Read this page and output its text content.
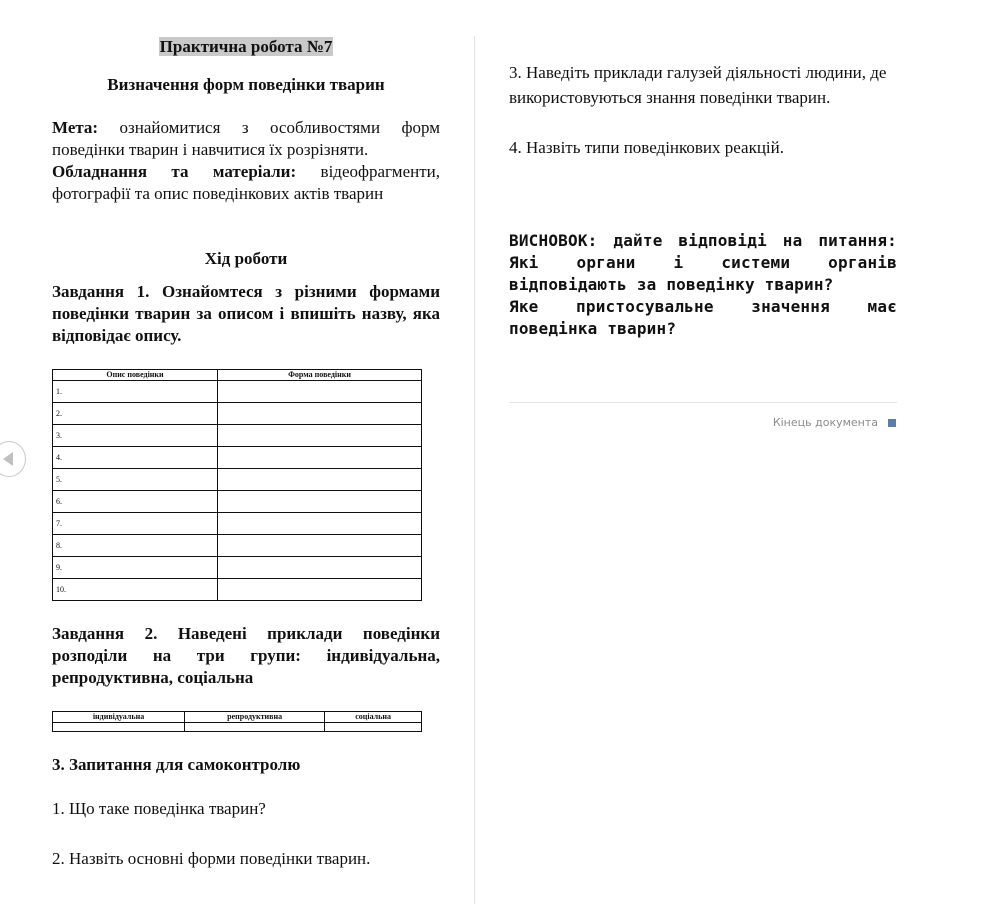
Практична робота №7

Визначення форм поведінки тварин

Мета: ознайомитися з особливостями форм поведінки тварин і навчитися їх розрізняти.

Обладнання та матеріали: відеофрагменти, фотографії та опис поведінкових актів тварин

Хід роботи

Завдання 1. Ознайомтеся з різними формами поведінки тварин за описом і впишіть назву, яка відповідає опису.

Опис поведінки	Форма поведінки
1.	
2.	
3.	
4.	
5.	
6.	
7.	
8.	
9.	
10.	

Завдання 2. Наведені приклади поведінки розподіли на три групи: індивідуальна, репродуктивна, соціальна

індивідуальна	репродуктивна	соціальна

3. Запитання для самоконтролю

1. Що таке поведінка тварин?

2. Назвіть основні форми поведінки тварин.

3. Наведіть приклади галузей діяльності людини, де використовуються знання поведінки тварин.

4. Назвіть типи поведінкових реакцій.

ВИСНОВОК: дайте відповіді на питання: Які органи і системи органів відповідають за поведінку тварин?

Яке пристосувальне значення має поведінка тварин?

Кінець документа
